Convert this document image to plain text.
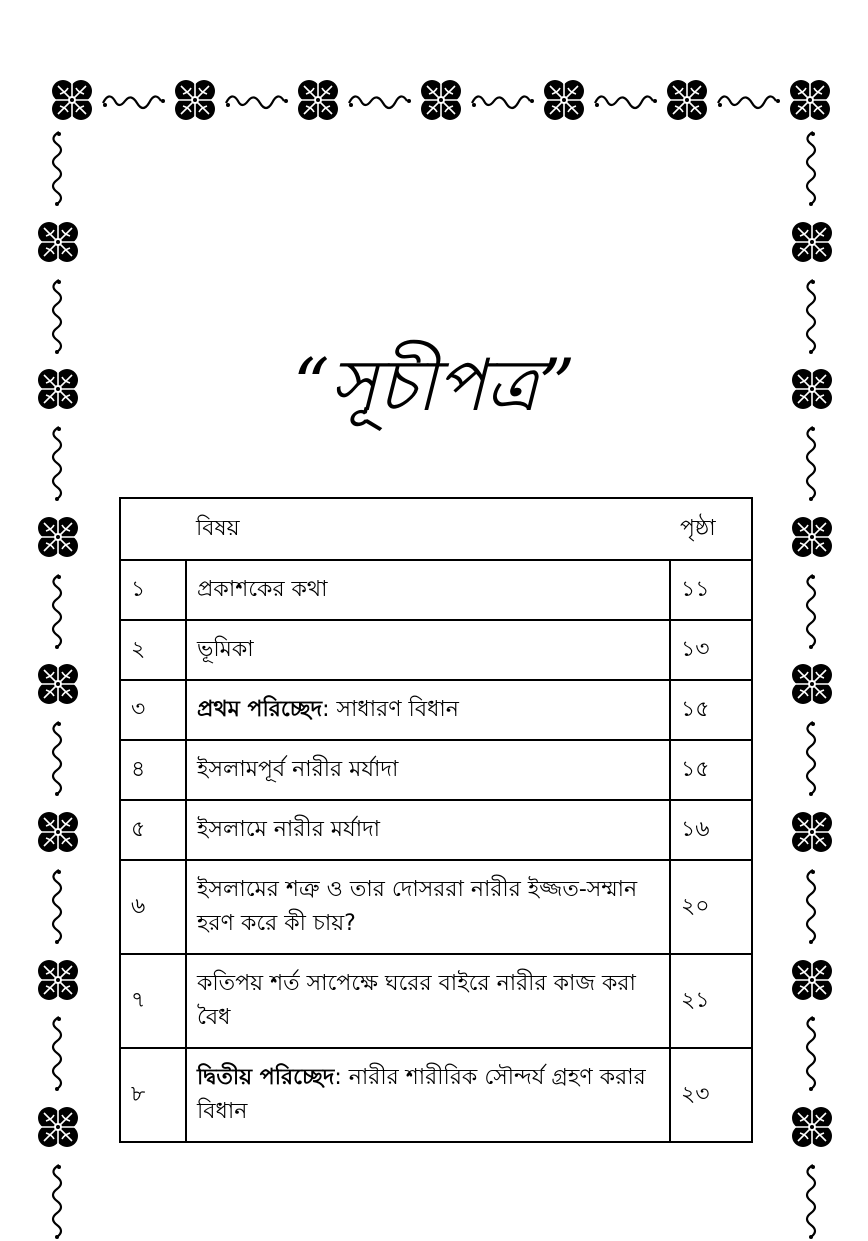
“সূচীপত্র”
	বিষয়	পৃষ্ঠা
১	প্রকাশকের কথা	১১
২	ভূমিকা	১৩
৩	প্রথম পরিচ্ছেদ: সাধারণ বিধান	১৫
৪	ইসলামপূর্ব নারীর মর্যাদা	১৫
৫	ইসলামে নারীর মর্যাদা	১৬
৬	ইসলামের শত্রু ও তার দোসররা নারীর ইজ্জত-সম্মান হরণ করে কী চায়?	২০
৭	কতিপয় শর্ত সাপেক্ষে ঘরের বাইরে নারীর কাজ করা বৈধ	২১
৮	দ্বিতীয় পরিচ্ছেদ: নারীর শারীরিক সৌন্দর্য গ্রহণ করার বিধান	২৩
